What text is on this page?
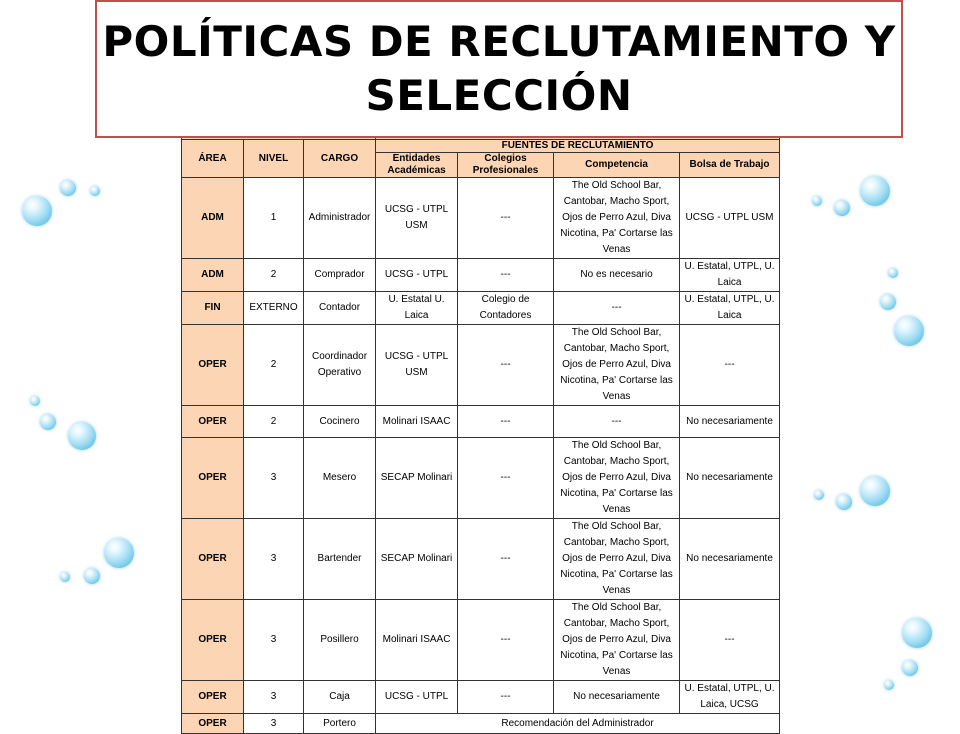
POLÍTICAS DE RECLUTAMIENTO Y SELECCIÓN

ÁREA	NIVEL	CARGO	FUENTES DE RECLUTAMIENTO			
			Entidades Académicas	Colegios Profesionales	Competencia	Bolsa de Trabajo
ADM	1	Administrador	UCSG - UTPL USM	---	The Old School Bar, Cantobar, Macho Sport, Ojos de Perro Azul, Diva Nicotina, Pa' Cortarse las Venas	UCSG - UTPL USM
ADM	2	Comprador	UCSG - UTPL	---	No es necesario	U. Estatal, UTPL, U. Laica
FIN	EXTERNO	Contador	U. Estatal U. Laica	Colegio de Contadores	---	U. Estatal, UTPL, U. Laica
OPER	2	Coordinador Operativo	UCSG - UTPL USM	---	The Old School Bar, Cantobar, Macho Sport, Ojos de Perro Azul, Diva Nicotina, Pa' Cortarse las Venas	---
OPER	2	Cocinero	Molinari ISAAC	---	---	No necesariamente
OPER	3	Mesero	SECAP Molinari	---	The Old School Bar, Cantobar, Macho Sport, Ojos de Perro Azul, Diva Nicotina, Pa' Cortarse las Venas	No necesariamente
OPER	3	Bartender	SECAP Molinari	---	The Old School Bar, Cantobar, Macho Sport, Ojos de Perro Azul, Diva Nicotina, Pa' Cortarse las Venas	No necesariamente
OPER	3	Posillero	Molinari ISAAC	---	The Old School Bar, Cantobar, Macho Sport, Ojos de Perro Azul, Diva Nicotina, Pa' Cortarse las Venas	---
OPER	3	Caja	UCSG - UTPL	---	No necesariamente	U. Estatal, UTPL, U. Laica, UCSG
OPER	3	Portero	Recomendación del Administrador			
